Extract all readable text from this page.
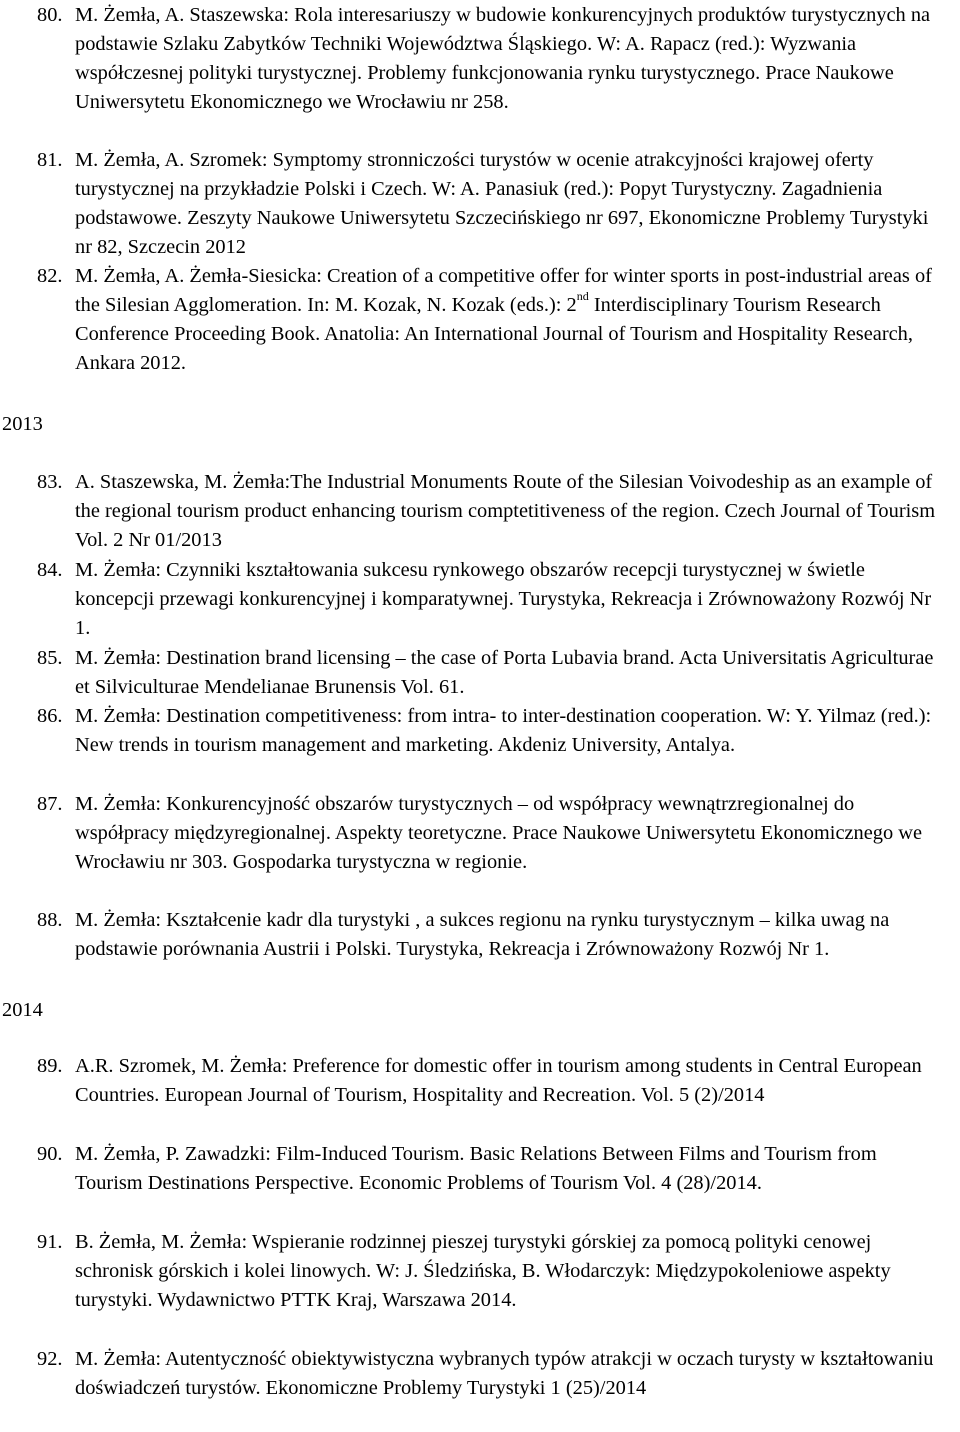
80. M. Żemła, A. Staszewska: Rola interesariuszy w budowie konkurencyjnych produktów turystycznych na podstawie Szlaku Zabytków Techniki Województwa Śląskiego. W: A. Rapacz (red.): Wyzwania współczesnej polityki turystycznej. Problemy funkcjonowania rynku turystycznego. Prace Naukowe Uniwersytetu Ekonomicznego we Wrocławiu nr 258.
81. M. Żemła, A. Szromek: Symptomy stronniczości turystów w ocenie atrakcyjności krajowej oferty turystycznej na przykładzie Polski i Czech. W: A. Panasiuk (red.): Popyt Turystyczny. Zagadnienia podstawowe. Zeszyty Naukowe Uniwersytetu Szczecińskiego nr 697, Ekonomiczne Problemy Turystyki nr 82, Szczecin 2012
82. M. Żemła, A. Żemła-Siesicka: Creation of a competitive offer for winter sports in post-industrial areas of the Silesian Agglomeration. In: M. Kozak, N. Kozak (eds.): 2nd Interdisciplinary Tourism Research Conference Proceeding Book. Anatolia: An International Journal of Tourism and Hospitality Research, Ankara 2012.
2013
83. A. Staszewska, M. Żemła:The Industrial Monuments Route of the Silesian Voivodeship as an example of the regional tourism product enhancing tourism comptetitiveness of the region. Czech Journal of Tourism Vol. 2 Nr 01/2013
84. M. Żemła: Czynniki kształtowania sukcesu rynkowego obszarów recepcji turystycznej w świetle koncepcji przewagi konkurencyjnej i komparatywnej. Turystyka, Rekreacja i Zrównoważony Rozwój Nr 1.
85. M. Żemła: Destination brand licensing – the case of Porta Lubavia brand. Acta Universitatis Agriculturae et Silviculturae Mendelianae Brunensis Vol. 61.
86. M. Żemła: Destination competitiveness: from intra- to inter-destination cooperation. W: Y. Yilmaz (red.): New trends in tourism management and marketing. Akdeniz University, Antalya.
87. M. Żemła: Konkurencyjność obszarów turystycznych – od współpracy wewnątrzregionalnej do współpracy międzyregionalnej. Aspekty teoretyczne. Prace Naukowe Uniwersytetu Ekonomicznego we Wrocławiu nr 303. Gospodarka turystyczna w regionie.
88. M. Żemła: Kształcenie kadr dla turystyki , a sukces regionu na rynku turystycznym – kilka uwag na podstawie porównania Austrii i Polski. Turystyka, Rekreacja i Zrównoważony Rozwój Nr 1.
2014
89. A.R. Szromek, M. Żemła: Preference for domestic offer in tourism among students in Central European Countries. European Journal of Tourism, Hospitality and Recreation. Vol. 5 (2)/2014
90. M. Żemła, P. Zawadzki: Film-Induced Tourism. Basic Relations Between Films and Tourism from Tourism Destinations Perspective. Economic Problems of Tourism Vol. 4 (28)/2014.
91. B. Żemła, M. Żemła: Wspieranie rodzinnej pieszej turystyki górskiej za pomocą polityki cenowej schronisk górskich i kolei linowych. W: J. Śledzińska, B. Włodarczyk: Międzypokoleniowe aspekty turystyki. Wydawnictwo PTTK Kraj, Warszawa 2014.
92. M. Żemła: Autentyczność obiektywistyczna wybranych typów atrakcji w oczach turysty w kształtowaniu doświadczeń turystów. Ekonomiczne Problemy Turystyki 1 (25)/2014
